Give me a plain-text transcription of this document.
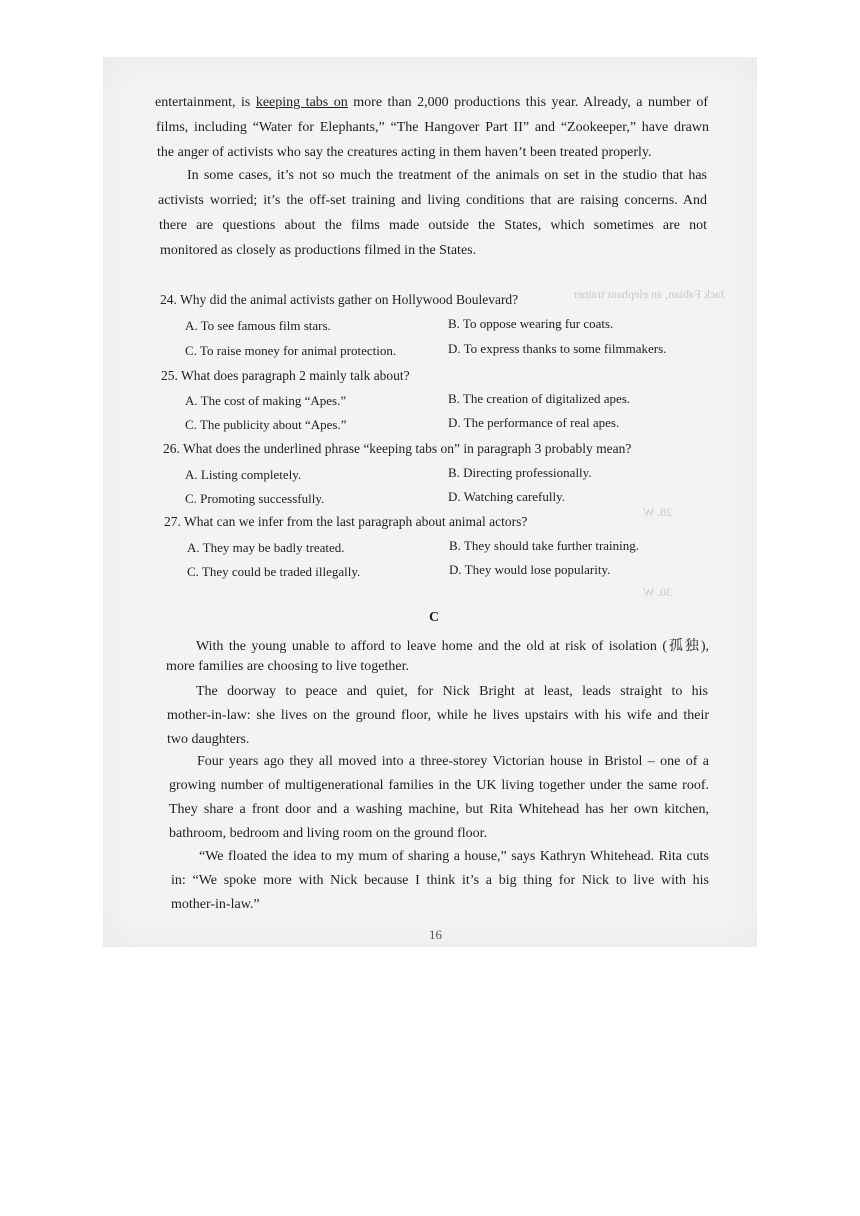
Jack Fabian, an elephant trainer
28. W
30. W
entertainment, is keeping tabs on more than 2,000 productions this year. Already, a number of
films, including “Water for Elephants,” “The Hangover Part II” and “Zookeeper,” have drawn
the anger of activists who say the creatures acting in them haven’t been treated properly.
In some cases, it’s not so much the treatment of the animals on set in the studio that has
activists worried; it’s the off-set training and living conditions that are raising concerns. And
there are questions about the films made outside the States, which sometimes are not
monitored as closely as productions filmed in the States.
24. Why did the animal activists gather on Hollywood Boulevard?
A. To see famous film stars.	B. To oppose wearing fur coats.
C. To raise money for animal protection.	D. To express thanks to some filmmakers.
25. What does paragraph 2 mainly talk about?
A. The cost of making “Apes.”	B. The creation of digitalized apes.
C. The publicity about “Apes.”	D. The performance of real apes.
26. What does the underlined phrase “keeping tabs on” in paragraph 3 probably mean?
A. Listing completely.	B. Directing professionally.
C. Promoting successfully.	D. Watching carefully.
27. What can we infer from the last paragraph about animal actors?
A. They may be badly treated.	B. They should take further training.
C. They could be traded illegally.	D. They would lose popularity.
C
With the young unable to afford to leave home and the old at risk of isolation (孤独),
more families are choosing to live together.
The doorway to peace and quiet, for Nick Bright at least, leads straight to his
mother-in-law: she lives on the ground floor, while he lives upstairs with his wife and their
two daughters.
Four years ago they all moved into a three-storey Victorian house in Bristol – one of a
growing number of multigenerational families in the UK living together under the same roof.
They share a front door and a washing machine, but Rita Whitehead has her own kitchen,
bathroom, bedroom and living room on the ground floor.
“We floated the idea to my mum of sharing a house,” says Kathryn Whitehead. Rita cuts
in: “We spoke more with Nick because I think it’s a big thing for Nick to live with his
mother-in-law.”
16
